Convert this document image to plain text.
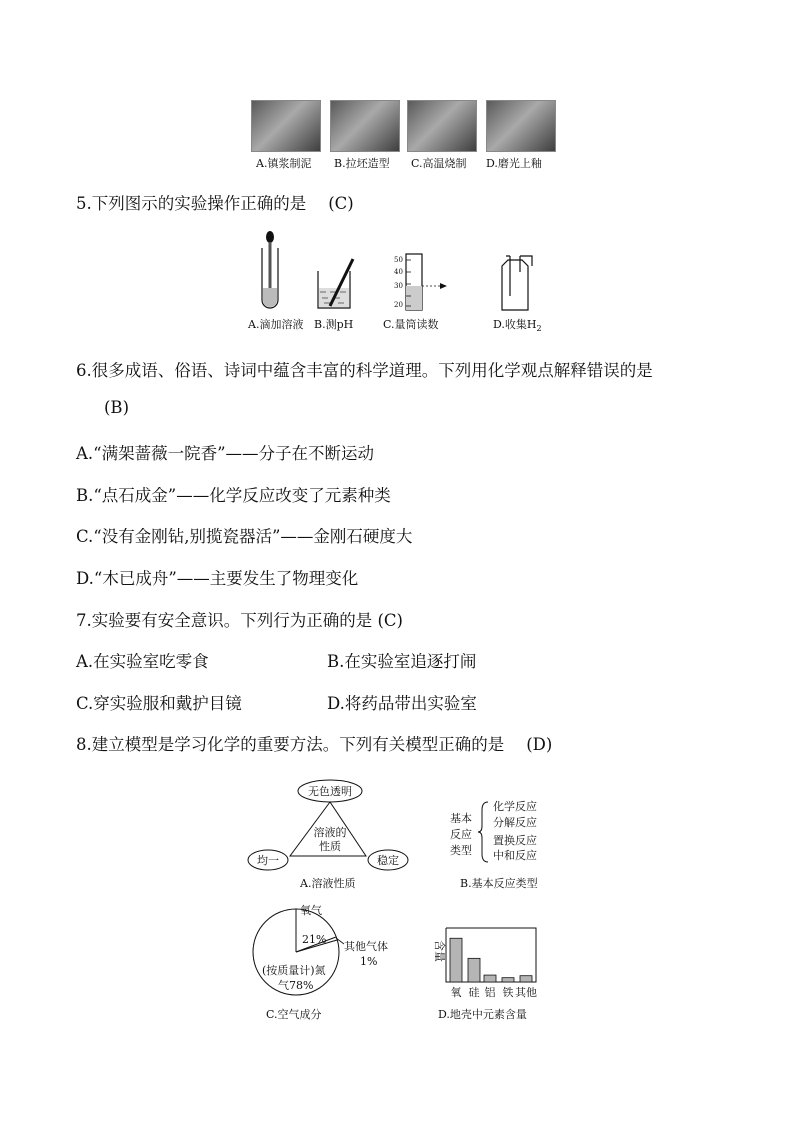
A.镇浆制泥 B.拉坯造型 C.高温烧制 D.磨光上釉
5.下列图示的实验操作正确的是 (C)
50
40
30
20
A.滴加溶液 B.测pH	C.量筒读数	D.收集$H_2$
6.很多成语、俗语、诗词中蕴含丰富的科学道理。下列用化学观点解释错误的是
(B)
A.“满架蔷薇一院香”——分子在不断运动
B.“点石成金”——化学反应改变了元素种类
C.“没有金刚钻,别揽瓷器活”——金刚石硬度大
D.“木已成舟”——主要发生了物理变化
7.实验要有安全意识。下列行为正确的是 (C)
A.在实验室吃零食	B.在实验室追逐打闹
C.穿实验服和戴护目镜	D.将药品带出实验室
8.建立模型是学习化学的重要方法。下列有关模型正确的是 (D)
无色透明
均一	稳定
溶液的
性质
A.溶液性质
基本
反应
类型
化学反应
分解反应
置换反应
中和反应
B.基本反应类型
氧气
21%
其他气体
1%
(按质量计)氮
气78%
C.空气成分
含量
氧 硅 铝 铁 其他
D.地壳中元素含量
